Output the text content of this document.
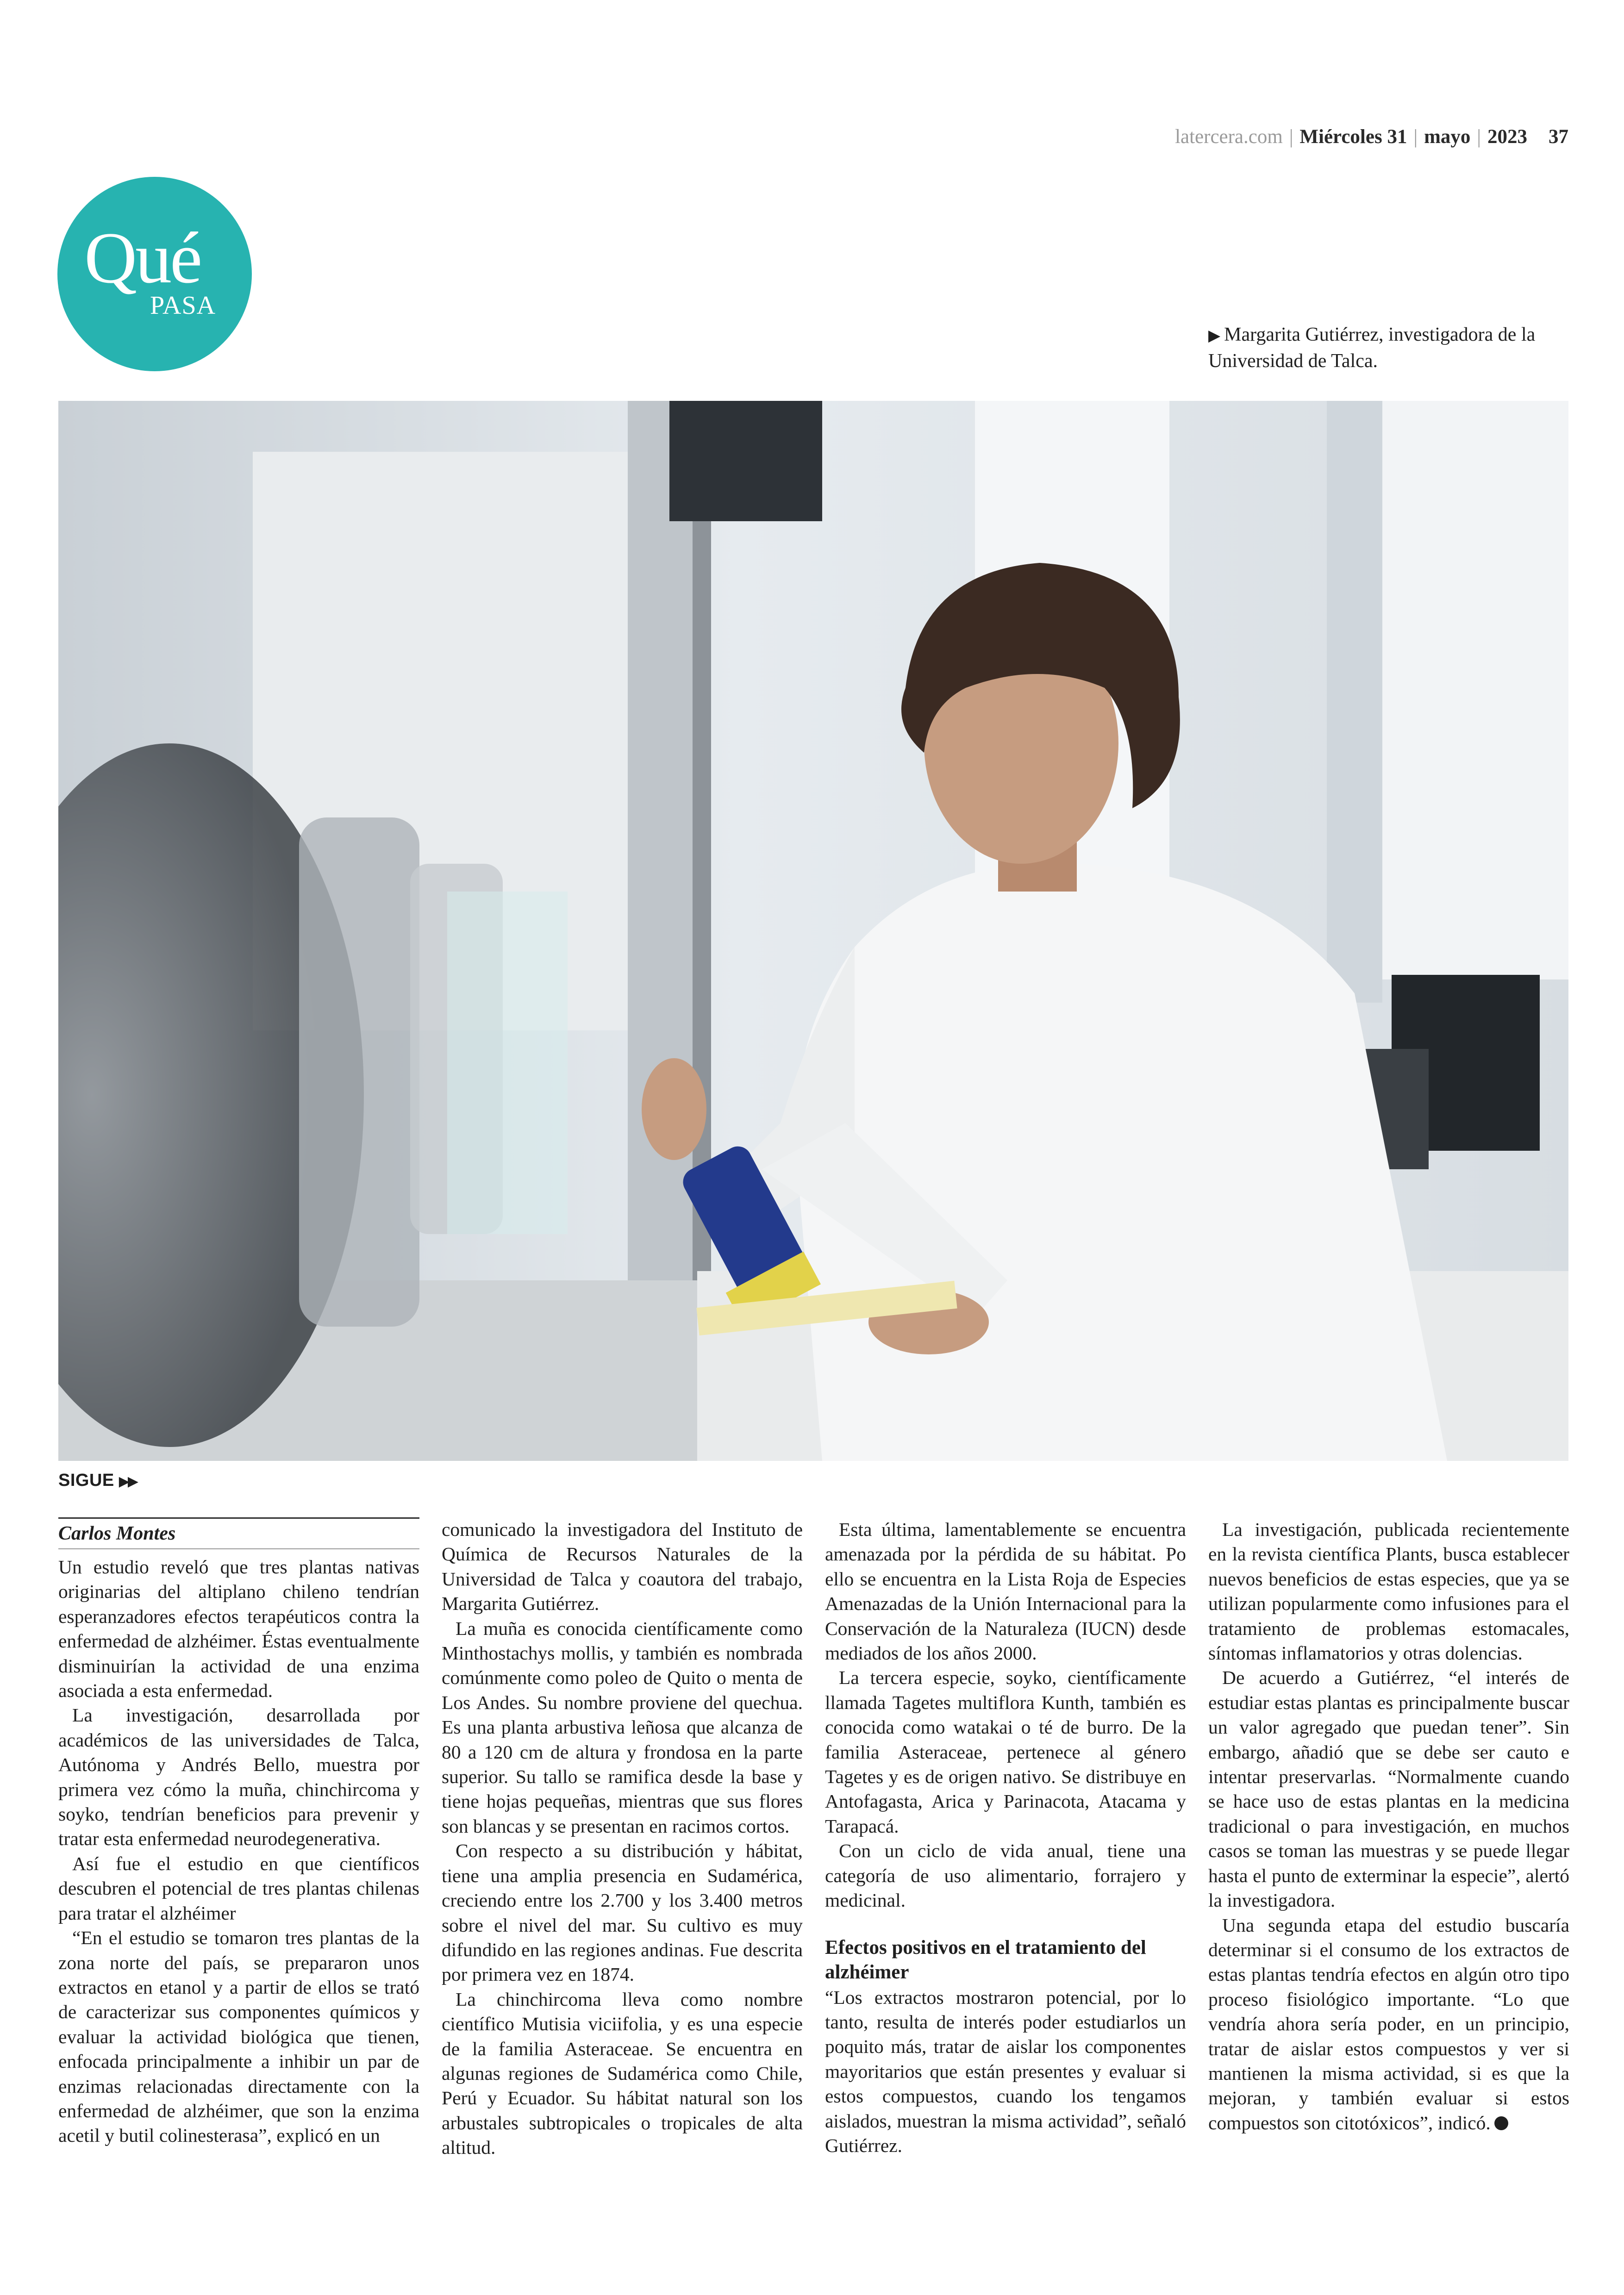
latercera.com | Miércoles 31 | mayo | 2023 37
Qué
PASA
▶ Margarita Gutiérrez, investigadora de la Universidad de Talca.
SIGUE ▶▶
Carlos Montes

Un estudio reveló que tres plantas nativas originarias del altiplano chileno tendrían esperanzadores efectos terapéuticos contra la enfermedad de alzhéimer. Éstas eventualmente disminuirían la actividad de una enzima asociada a esta enfermedad.

La investigación, desarrollada por académicos de las universidades de Talca, Autónoma y Andrés Bello, muestra por primera vez cómo la muña, chinchircoma y soyko, tendrían beneficios para prevenir y tratar esta enfermedad neurodegenerativa.

Así fue el estudio en que científicos descubren el potencial de tres plantas chilenas para tratar el alzhéimer

“En el estudio se tomaron tres plantas de la zona norte del país, se prepararon unos extractos en etanol y a partir de ellos se trató de caracterizar sus componentes químicos y evaluar la actividad biológica que tienen, enfocada principalmente a inhibir un par de enzimas relacionadas directamente con la enfermedad de alzhéimer, que son la enzima acetil y butil colinesterasa”, explicó en un

comunicado la investigadora del Instituto de Química de Recursos Naturales de la Universidad de Talca y coautora del trabajo, Margarita Gutiérrez.

La muña es conocida científicamente como Minthostachys mollis, y también es nombrada comúnmente como poleo de Quito o menta de Los Andes. Su nombre proviene del quechua. Es una planta arbustiva leñosa que alcanza de 80 a 120 cm de altura y frondosa en la parte superior. Su tallo se ramifica desde la base y tiene hojas pequeñas, mientras que sus flores son blancas y se presentan en racimos cortos.

Con respecto a su distribución y hábitat, tiene una amplia presencia en Sudamérica, creciendo entre los 2.700 y los 3.400 metros sobre el nivel del mar. Su cultivo es muy difundido en las regiones andinas. Fue descrita por primera vez en 1874.

La chinchircoma lleva como nombre científico Mutisia viciifolia, y es una especie de la familia Asteraceae. Se encuentra en algunas regiones de Sudamérica como Chile, Perú y Ecuador. Su hábitat natural son los arbustales subtropicales o tropicales de alta altitud.

Esta última, lamentablemente se encuentra amenazada por la pérdida de su hábitat. Po ello se encuentra en la Lista Roja de Especies Amenazadas de la Unión Internacional para la Conservación de la Naturaleza (IUCN) desde mediados de los años 2000.

La tercera especie, soyko, científicamente llamada Tagetes multiflora Kunth, también es conocida como watakai o té de burro. De la familia Asteraceae, pertenece al género Tagetes y es de origen nativo. Se distribuye en Antofagasta, Arica y Parinacota, Atacama y Tarapacá.

Con un ciclo de vida anual, tiene una categoría de uso alimentario, forrajero y medicinal.

Efectos positivos en el tratamiento del alzhéimer

“Los extractos mostraron potencial, por lo tanto, resulta de interés poder estudiarlos un poquito más, tratar de aislar los componentes mayoritarios que están presentes y evaluar si estos compuestos, cuando los tengamos aislados, muestran la misma actividad”, señaló Gutiérrez.

La investigación, publicada recientemente en la revista científica Plants, busca establecer nuevos beneficios de estas especies, que ya se utilizan popularmente como infusiones para el tratamiento de problemas estomacales, síntomas inflamatorios y otras dolencias.

De acuerdo a Gutiérrez, “el interés de estudiar estas plantas es principalmente buscar un valor agregado que puedan tener”. Sin embargo, añadió que se debe ser cauto e intentar preservarlas. “Normalmente cuando se hace uso de estas plantas en la medicina tradicional o para investigación, en muchos casos se toman las muestras y se puede llegar hasta el punto de exterminar la especie”, alertó la investigadora.

Una segunda etapa del estudio buscaría determinar si el consumo de los extractos de estas plantas tendría efectos en algún otro tipo proceso fisiológico importante. “Lo que vendría ahora sería poder, en un principio, tratar de aislar estos compuestos y ver si mantienen la misma actividad, si es que la mejoran, y también evaluar si estos compuestos son citotóxicos”, indicó.
